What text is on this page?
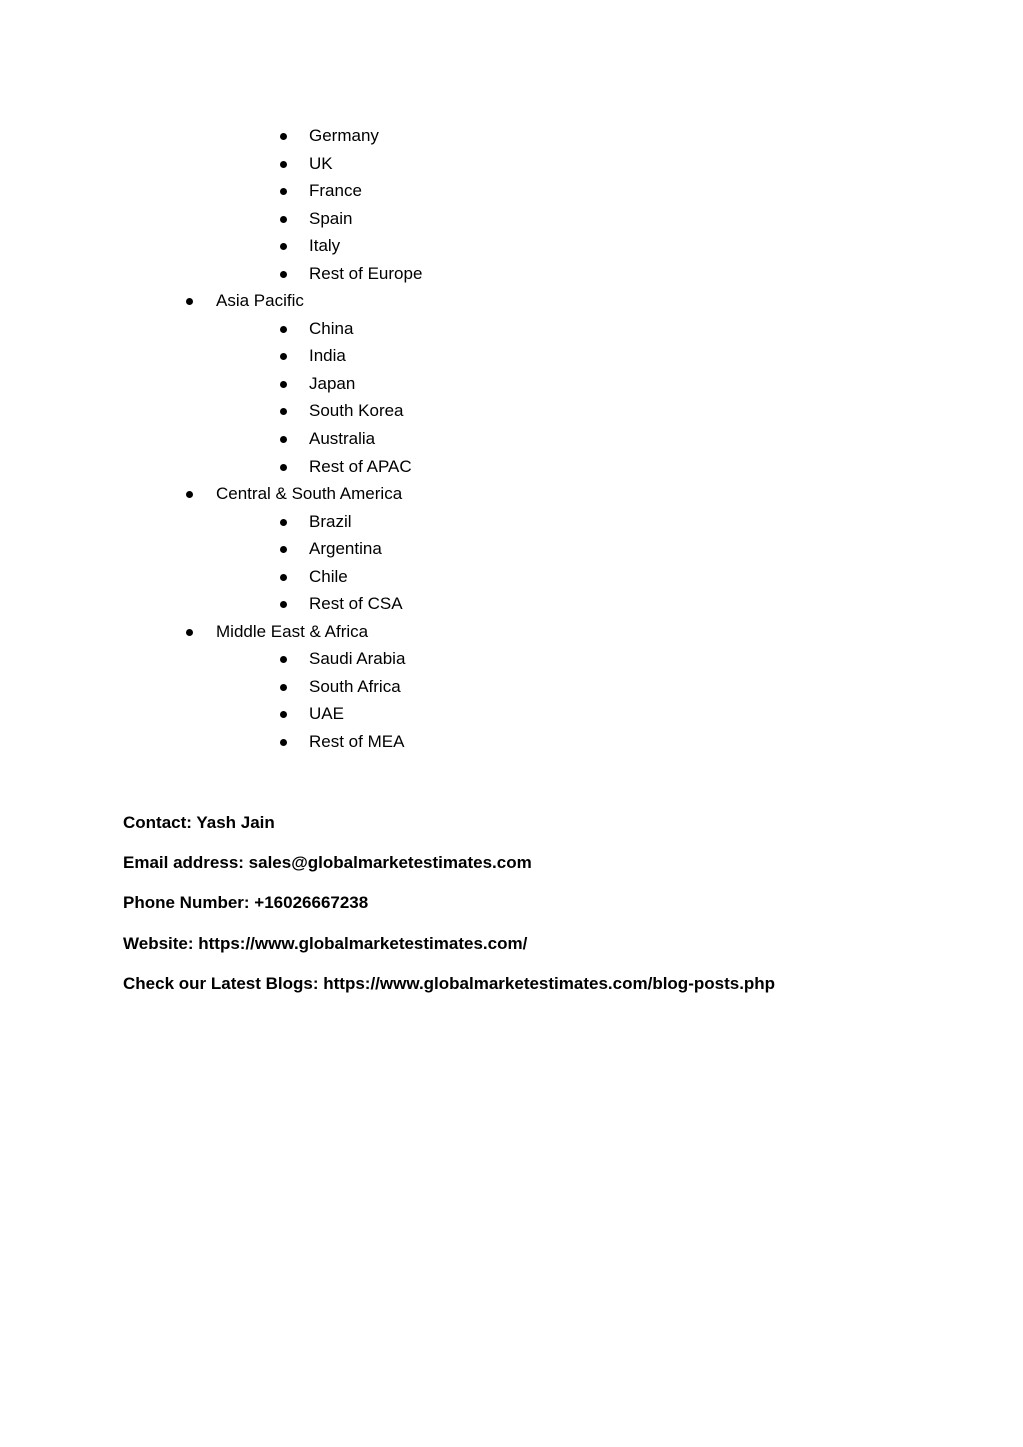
Germany
UK
France
Spain
Italy
Rest of Europe
Asia Pacific
China
India
Japan
South Korea
Australia
Rest of APAC
Central & South America
Brazil
Argentina
Chile
Rest of CSA
Middle East & Africa
Saudi Arabia
South Africa
UAE
Rest of MEA
Contact: Yash Jain
Email address: sales@globalmarketestimates.com
Phone Number: +16026667238
Website: https://www.globalmarketestimates.com/
Check our Latest Blogs: https://www.globalmarketestimates.com/blog-posts.php
